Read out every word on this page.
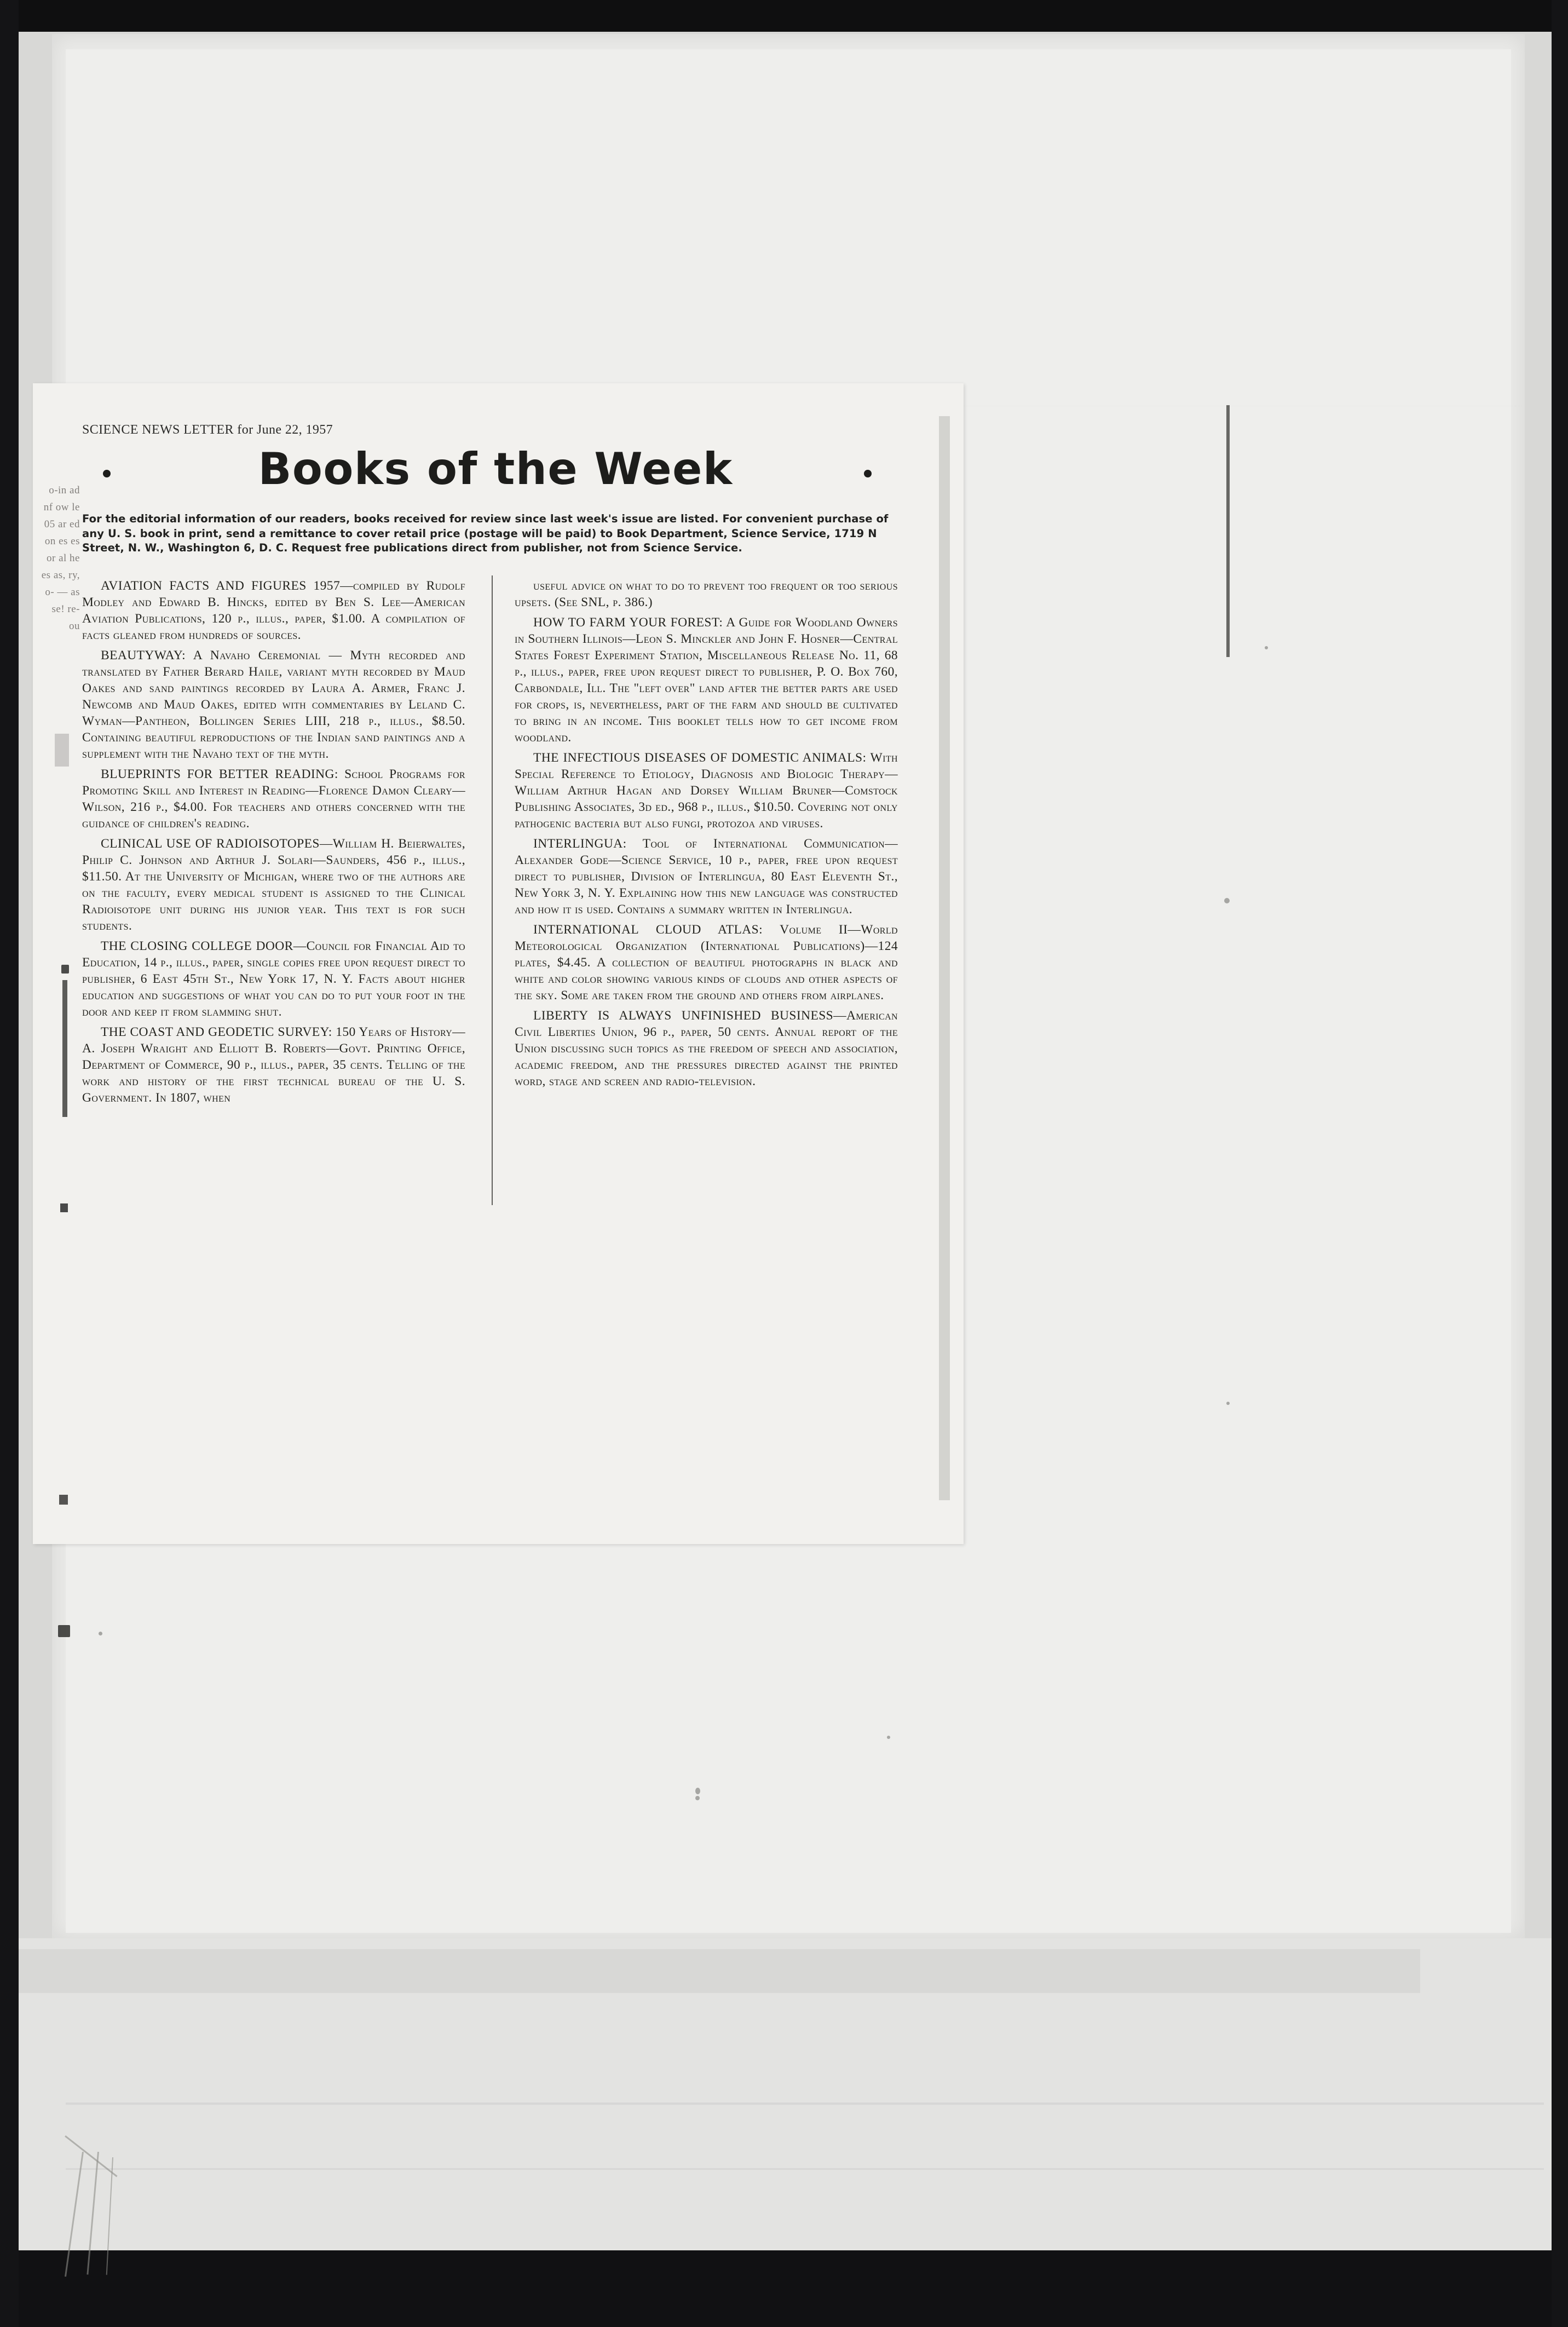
o-in ad nf ow le 05 ar ed on es es or al he es as, ry, o- — as se! re- ou
SCIENCE NEWS LETTER for June 22, 1957
Books of the Week
For the editorial information of our readers, books received for review since last week's issue are listed. For convenient purchase of any U. S. book in print, send a remittance to cover retail price (postage will be paid) to Book Department, Science Service, 1719 N Street, N. W., Washington 6, D. C. Request free publications direct from publisher, not from Science Service.

AVIATION FACTS AND FIGURES 1957—compiled by Rudolf Modley and Edward B. Hincks, edited by Ben S. Lee—American Aviation Publications, 120 p., illus., paper, $1.00. A compilation of facts gleaned from hundreds of sources.

BEAUTYWAY: A Navaho Ceremonial — Myth recorded and translated by Father Berard Haile, variant myth recorded by Maud Oakes and sand paintings recorded by Laura A. Armer, Franc J. Newcomb and Maud Oakes, edited with commentaries by Leland C. Wyman—Pantheon, Bollingen Series LIII, 218 p., illus., $8.50. Containing beautiful reproductions of the Indian sand paintings and a supplement with the Navaho text of the myth.

BLUEPRINTS FOR BETTER READING: School Programs for Promoting Skill and Interest in Reading—Florence Damon Cleary—Wilson, 216 p., $4.00. For teachers and others concerned with the guidance of children's reading.

CLINICAL USE OF RADIOISOTOPES—William H. Beierwaltes, Philip C. Johnson and Arthur J. Solari—Saunders, 456 p., illus., $11.50. At the University of Michigan, where two of the authors are on the faculty, every medical student is assigned to the Clinical Radioisotope unit during his junior year. This text is for such students.

THE CLOSING COLLEGE DOOR—Council for Financial Aid to Education, 14 p., illus., paper, single copies free upon request direct to publisher, 6 East 45th St., New York 17, N. Y. Facts about higher education and suggestions of what you can do to put your foot in the door and keep it from slamming shut.

THE COAST AND GEODETIC SURVEY: 150 Years of History—A. Joseph Wraight and Elliott B. Roberts—Govt. Printing Office, Department of Commerce, 90 p., illus., paper, 35 cents. Telling of the work and history of the first technical bureau of the U. S. Government. In 1807, when

useful advice on what to do to prevent too frequent or too serious upsets. (See SNL, p. 386.)

HOW TO FARM YOUR FOREST: A Guide for Woodland Owners in Southern Illinois—Leon S. Minckler and John F. Hosner—Central States Forest Experiment Station, Miscellaneous Release No. 11, 68 p., illus., paper, free upon request direct to publisher, P. O. Box 760, Carbondale, Ill. The "left over" land after the better parts are used for crops, is, nevertheless, part of the farm and should be cultivated to bring in an income. This booklet tells how to get income from woodland.

THE INFECTIOUS DISEASES OF DOMESTIC ANIMALS: With Special Reference to Etiology, Diagnosis and Biologic Therapy—William Arthur Hagan and Dorsey William Bruner—Comstock Publishing Associates, 3d ed., 968 p., illus., $10.50. Covering not only pathogenic bacteria but also fungi, protozoa and viruses.

INTERLINGUA: Tool of International Communication—Alexander Gode—Science Service, 10 p., paper, free upon request direct to publisher, Division of Interlingua, 80 East Eleventh St., New York 3, N. Y. Explaining how this new language was constructed and how it is used. Contains a summary written in Interlingua.

INTERNATIONAL CLOUD ATLAS: Volume II—World Meteorological Organization (International Publications)—124 plates, $4.45. A collection of beautiful photographs in black and white and color showing various kinds of clouds and other aspects of the sky. Some are taken from the ground and others from airplanes.

LIBERTY IS ALWAYS UNFINISHED BUSINESS—American Civil Liberties Union, 96 p., paper, 50 cents. Annual report of the Union discussing such topics as the freedom of speech and association, academic freedom, and the pressures directed against the printed word, stage and screen and radio-television.
